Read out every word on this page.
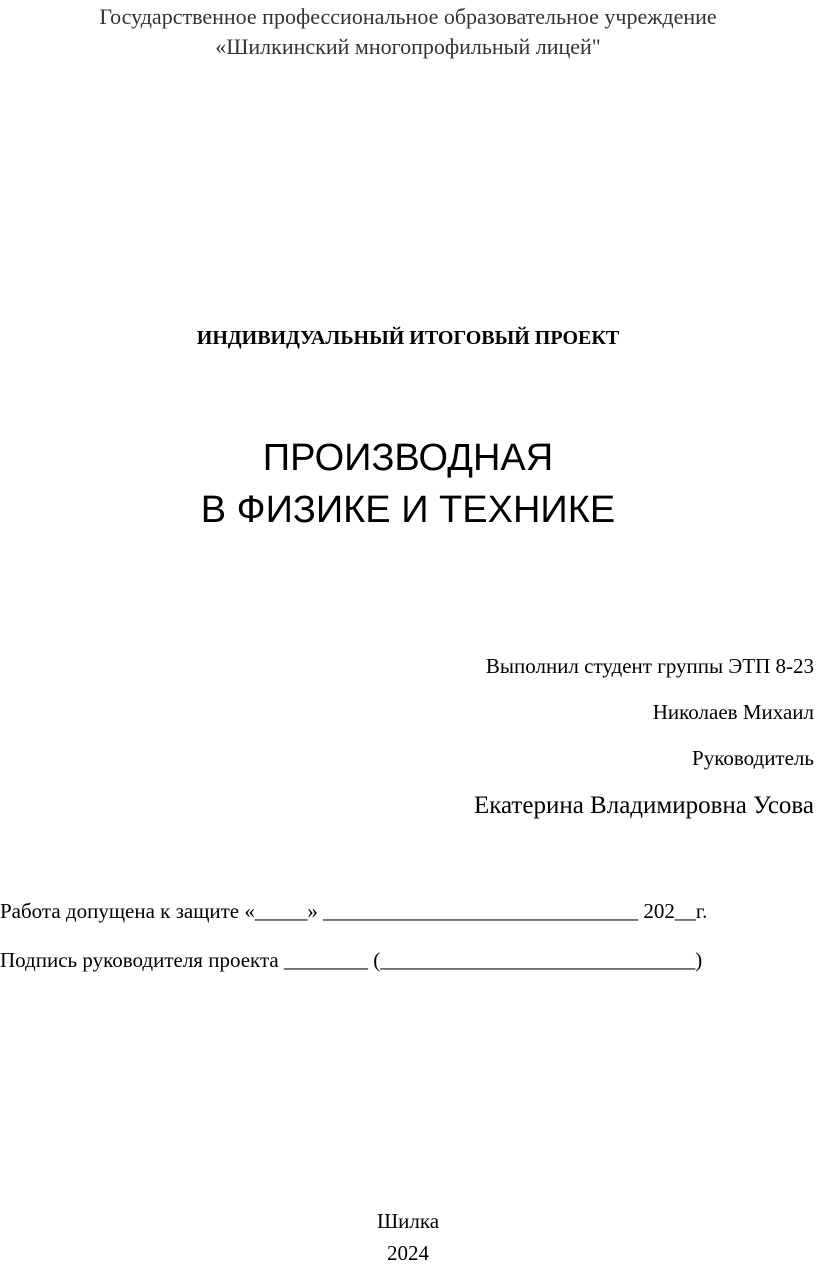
Государственное профессиональное образовательное учреждение
«Шилкинский многопрофильный лицей"
ИНДИВИДУАЛЬНЫЙ ИТОГОВЫЙ ПРОЕКТ
ПРОИЗВОДНАЯ
В ФИЗИКЕ И ТЕХНИКЕ
Выполнил студент группы ЭТП 8-23
Николаев Михаил
Руководитель
Екатерина Владимировна Усова
Работа допущена к защите «_____» ______________________________ 202__г.
Подпись руководителя проекта ________ (______________________________)
Шилка
2024
